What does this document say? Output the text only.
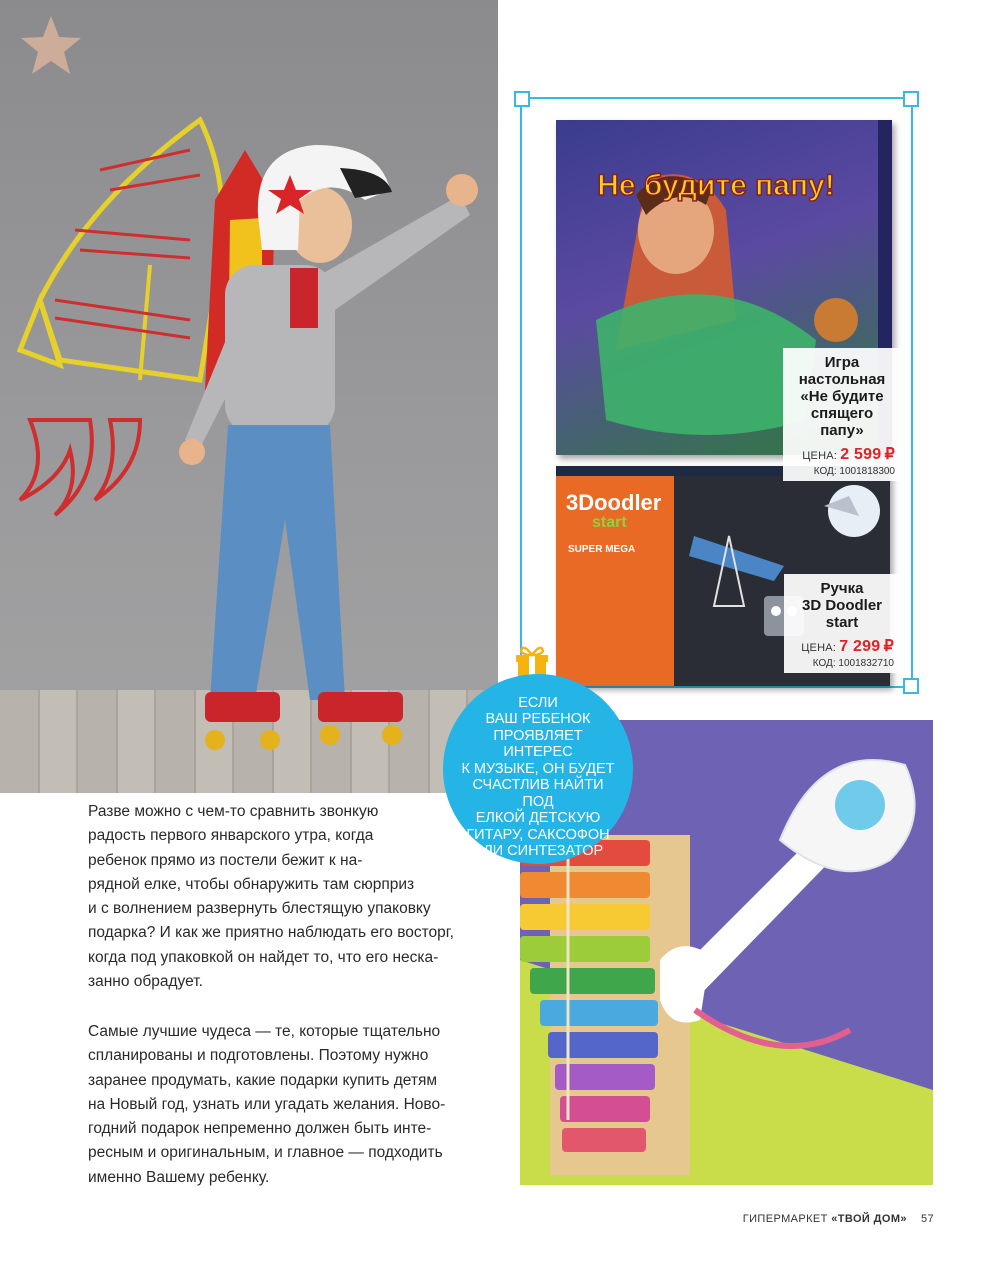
Не будите папу!
3Doodler
start
SUPER MEGA
Игра настольная
«Не будите
спящего папу»
ЦЕНА: 2 599 ₽
КОД: 1001818300
Ручка
3D Doodler start
ЦЕНА: 7 299 ₽
КОД: 1001832710
ЕСЛИ
ВАШ РЕБЕНОК
ПРОЯВЛЯЕТ ИНТЕРЕС
К МУЗЫКЕ, ОН БУДЕТ
СЧАСТЛИВ НАЙТИ ПОД
ЕЛКОЙ ДЕТСКУЮ
ГИТАРУ, САКСОФОН
ИЛИ СИНТЕЗАТОР
Разве можно с чем-то сравнить звонкую
радость первого январского утра, когда
ребенок прямо из постели бежит к на-
рядной елке, чтобы обнаружить там сюрприз
и с волнением развернуть блестящую упаковку
подарка? И как же приятно наблюдать его восторг,
когда под упаковкой он найдет то, что его неска-
занно обрадует.
Самые лучшие чудеса — те, которые тщательно
спланированы и подготовлены. Поэтому нужно
заранее продумать, какие подарки купить детям
на Новый год, узнать или угадать желания. Ново-
годний подарок непременно должен быть инте-
ресным и оригинальным, и главное — подходить
именно Вашему ребенку.
ГИПЕРМАРКЕТ «ТВОЙ ДОМ» 57
